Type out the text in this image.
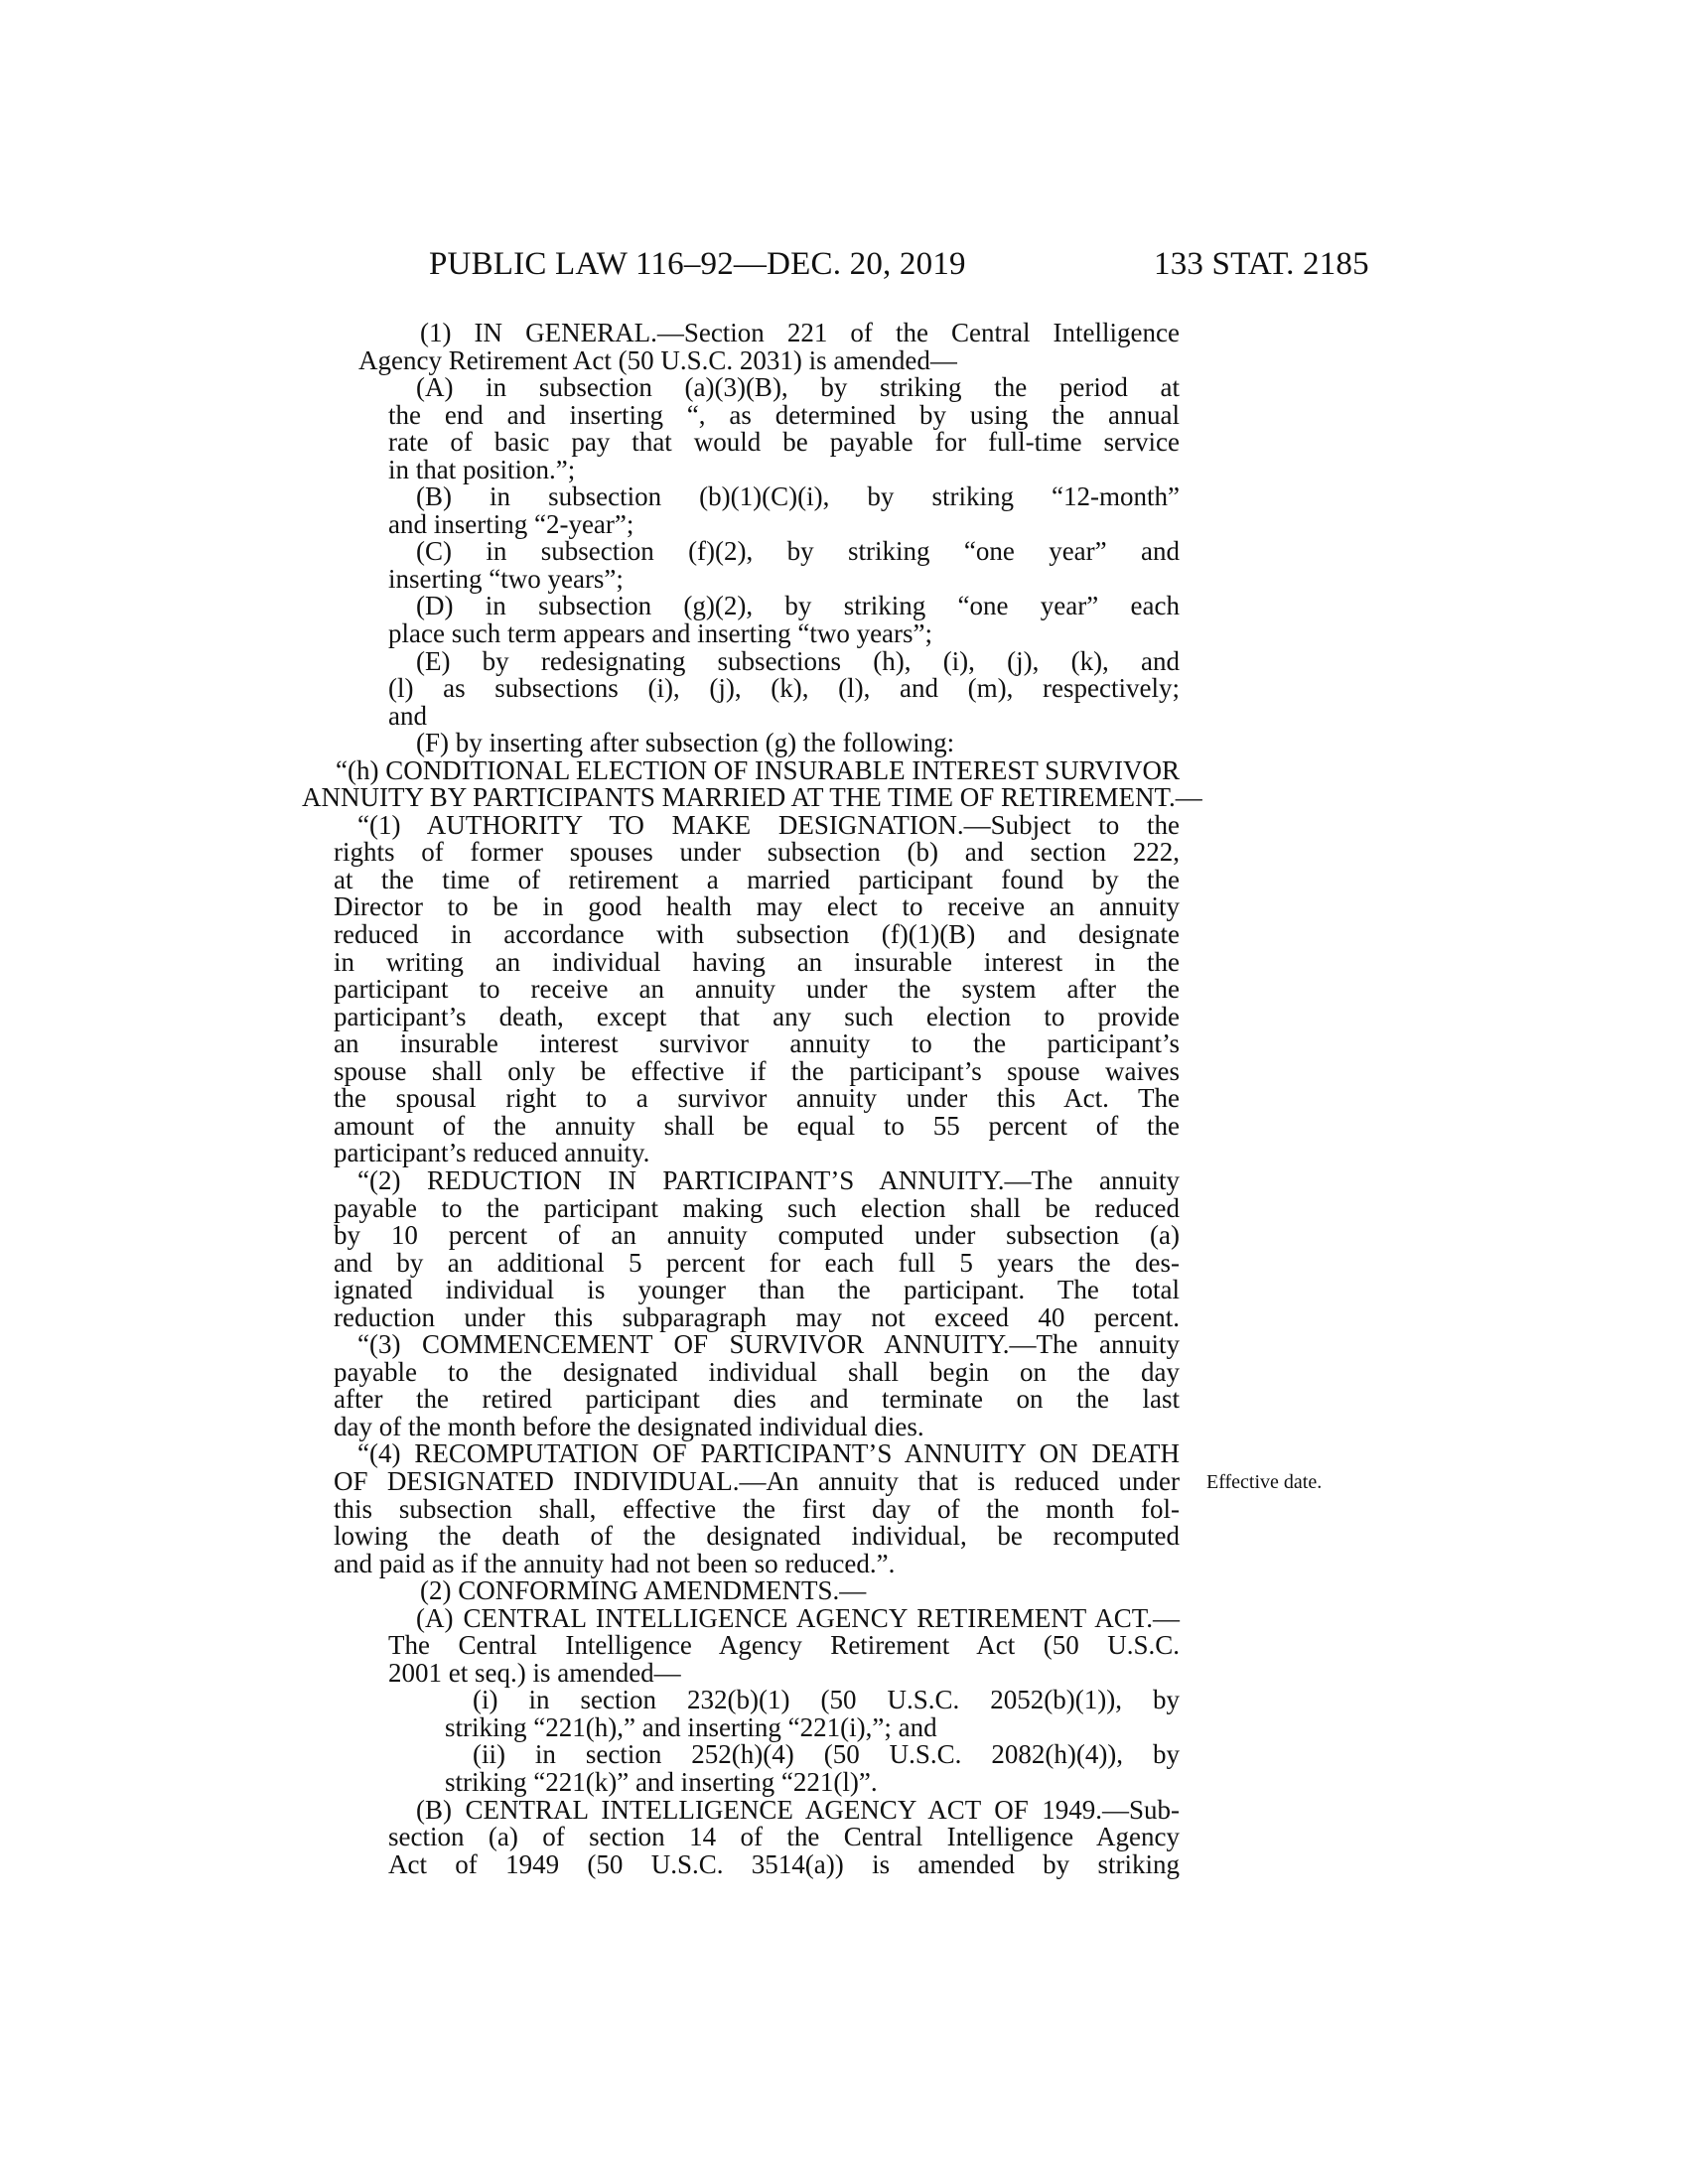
PUBLIC LAW 116–92—DEC. 20, 2019	133 STAT. 2185
Effective date.
(1) IN GENERAL.—Section 221 of the Central Intelligence
Agency Retirement Act (50 U.S.C. 2031) is amended—
(A) in subsection (a)(3)(B), by striking the period at
the end and inserting “, as determined by using the annual
rate of basic pay that would be payable for full-time service
in that position.”;
(B) in subsection (b)(1)(C)(i), by striking “12-month”
and inserting “2-year”;
(C) in subsection (f)(2), by striking “one year” and
inserting “two years”;
(D) in subsection (g)(2), by striking “one year” each
place such term appears and inserting “two years”;
(E) by redesignating subsections (h), (i), (j), (k), and
(l) as subsections (i), (j), (k), (l), and (m), respectively;
and
(F) by inserting after subsection (g) the following:
“(h) CONDITIONAL ELECTION OF INSURABLE INTEREST SURVIVOR
ANNUITY BY PARTICIPANTS MARRIED AT THE TIME OF RETIREMENT.—
“(1) AUTHORITY TO MAKE DESIGNATION.—Subject to the
rights of former spouses under subsection (b) and section 222,
at the time of retirement a married participant found by the
Director to be in good health may elect to receive an annuity
reduced in accordance with subsection (f)(1)(B) and designate
in writing an individual having an insurable interest in the
participant to receive an annuity under the system after the
participant’s death, except that any such election to provide
an insurable interest survivor annuity to the participant’s
spouse shall only be effective if the participant’s spouse waives
the spousal right to a survivor annuity under this Act. The
amount of the annuity shall be equal to 55 percent of the
participant’s reduced annuity.
“(2) REDUCTION IN PARTICIPANT’S ANNUITY.—The annuity
payable to the participant making such election shall be reduced
by 10 percent of an annuity computed under subsection (a)
and by an additional 5 percent for each full 5 years the des-
ignated individual is younger than the participant. The total
reduction under this subparagraph may not exceed 40 percent.
“(3) COMMENCEMENT OF SURVIVOR ANNUITY.—The annuity
payable to the designated individual shall begin on the day
after the retired participant dies and terminate on the last
day of the month before the designated individual dies.
“(4) RECOMPUTATION OF PARTICIPANT’S ANNUITY ON DEATH
OF DESIGNATED INDIVIDUAL.—An annuity that is reduced under
this subsection shall, effective the first day of the month fol-
lowing the death of the designated individual, be recomputed
and paid as if the annuity had not been so reduced.”.
(2) CONFORMING AMENDMENTS.—
(A) CENTRAL INTELLIGENCE AGENCY RETIREMENT ACT.—
The Central Intelligence Agency Retirement Act (50 U.S.C.
2001 et seq.) is amended—
(i) in section 232(b)(1) (50 U.S.C. 2052(b)(1)), by
striking “221(h),” and inserting “221(i),”; and
(ii) in section 252(h)(4) (50 U.S.C. 2082(h)(4)), by
striking “221(k)” and inserting “221(l)”.
(B) CENTRAL INTELLIGENCE AGENCY ACT OF 1949.—Sub-
section (a) of section 14 of the Central Intelligence Agency
Act of 1949 (50 U.S.C. 3514(a)) is amended by striking
